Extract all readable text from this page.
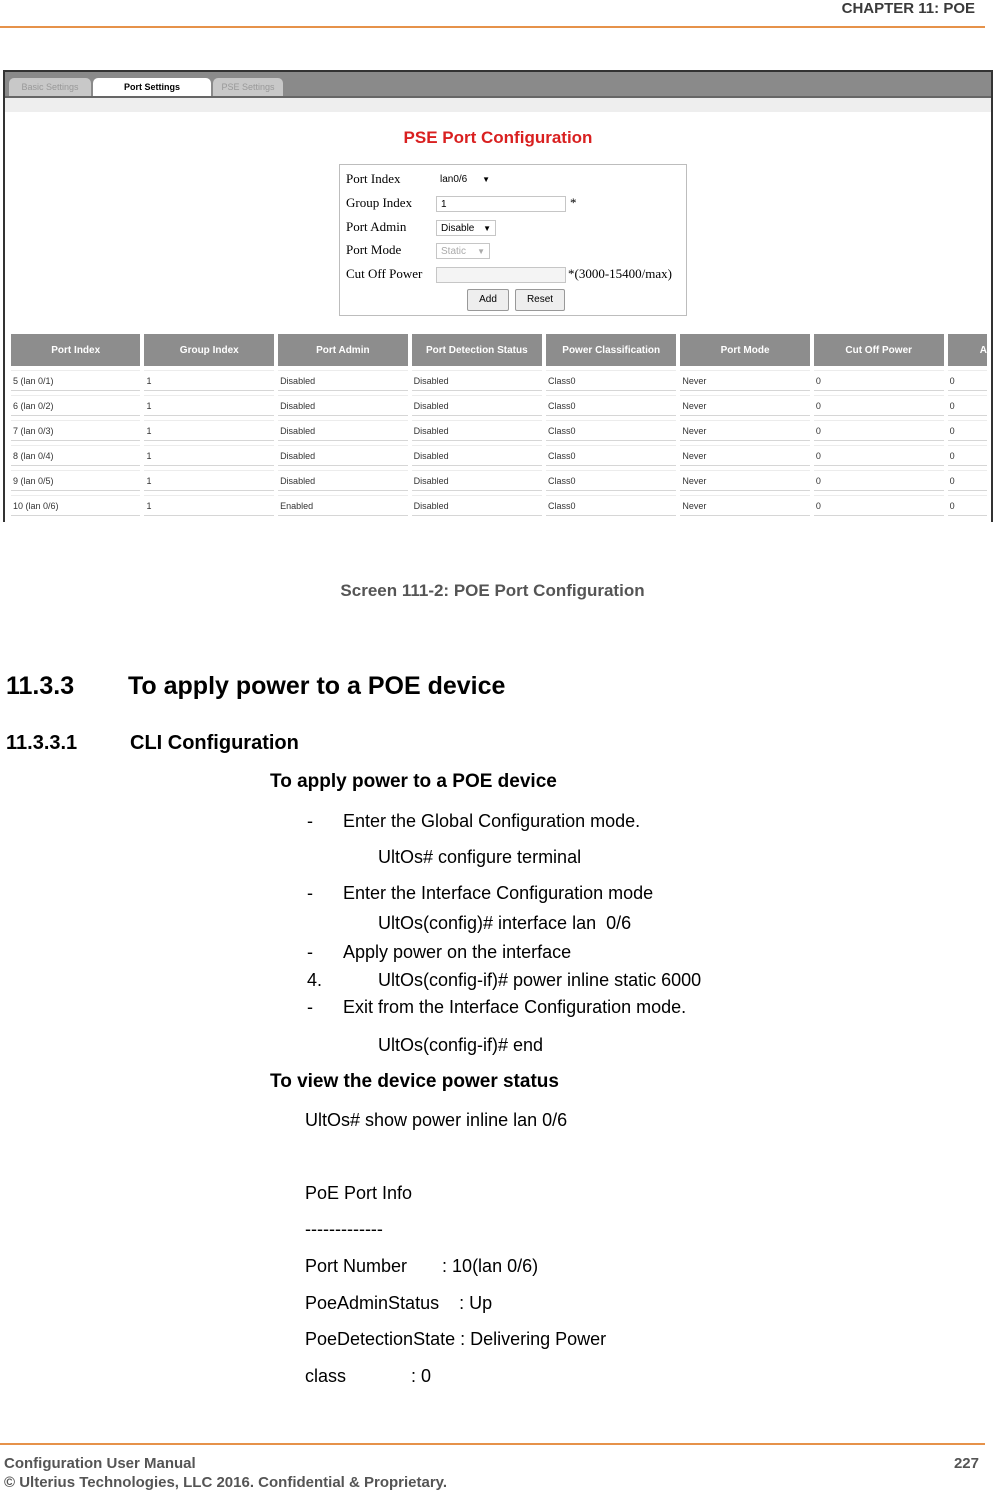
CHAPTER 11: POE
Basic Settings	Port Settings	PSE Settings
PSE Port Configuration
Port Index	lan0/6 ▼
Group Index	1	*
Port Admin	Disable ▼
Port Mode	Static ▼
Cut Off Power	*(3000-15400/max)
Add	Reset
Port Index	Group Index	Port Admin	Port Detection Status	Power Classification	Port Mode	Cut Off Power	A
5 (lan 0/1)	1	Disabled	Disabled	Class0	Never	0	0
6 (lan 0/2)	1	Disabled	Disabled	Class0	Never	0	0
7 (lan 0/3)	1	Disabled	Disabled	Class0	Never	0	0
8 (lan 0/4)	1	Disabled	Disabled	Class0	Never	0	0
9 (lan 0/5)	1	Disabled	Disabled	Class0	Never	0	0
10 (lan 0/6)	1	Enabled	Disabled	Class0	Never	0	0
Screen 111-2: POE Port Configuration
11.3.3 To apply power to a POE device
11.3.3.1	CLI Configuration
To apply power to a POE device
- Enter the Global Configuration mode.
UltOs# configure terminal
- Enter the Interface Configuration mode
UltOs(config)# interface lan  0/6
- Apply power on the interface
4.	UltOs(config-if)# power inline static 6000
- Exit from the Interface Configuration mode.
UltOs(config-if)# end
To view the device power status
UltOs# show power inline lan 0/6
PoE Port Info
-------------
Port Number       : 10(lan 0/6)
PoeAdminStatus    : Up
PoeDetectionState : Delivering Power
class             : 0
Configuration User Manual
© Ulterius Technologies, LLC 2016. Confidential & Proprietary.
227
